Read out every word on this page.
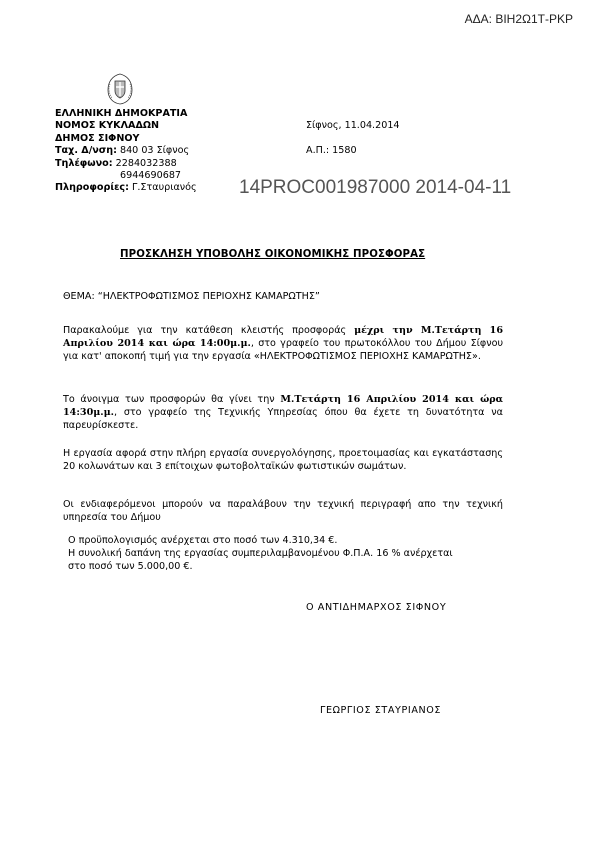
ΑΔΑ: ΒΙΗ2Ω1Τ-ΡΚΡ
ΕΛΛΗΝΙΚΗ ΔΗΜΟΚΡΑΤΙΑ
ΝΟΜΟΣ ΚΥΚΛΑΔΩΝ
ΔΗΜΟΣ ΣΙΦΝΟΥ
Ταχ. Δ/νση: 840 03 Σίφνος
Τηλέφωνο: 2284032388
6944690687
Πληροφορίες: Γ.Σταυριανός
Σίφνος, 11.04.2014
Α.Π.: 1580
14PROC001987000 2014-04-11
ΠΡΟΣΚΛΗΣΗ ΥΠΟΒΟΛΗΣ ΟΙΚΟΝΟΜΙΚΗΣ ΠΡΟΣΦΟΡΑΣ
ΘΕΜΑ: “ΗΛΕΚΤΡΟΦΩΤΙΣΜΟΣ ΠΕΡΙΟΧΗΣ ΚΑΜΑΡΩΤΗΣ”
Παρακαλούμε για την κατάθεση κλειστής προσφοράς μέχρι την Μ.Τετάρτη 16 Απριλίου 2014 και ώρα 14:00μ.μ., στο γραφείο του πρωτοκόλλου του Δήμου Σίφνου για κατ' αποκοπή τιμή για την εργασία «ΗΛΕΚΤΡΟΦΩΤΙΣΜΟΣ ΠΕΡΙΟΧΗΣ ΚΑΜΑΡΩΤΗΣ».
Το άνοιγμα των προσφορών θα γίνει την Μ.Τετάρτη 16 Απριλίου 2014 και ώρα 14:30μ.μ., στο γραφείο της Τεχνικής Υπηρεσίας όπου θα έχετε τη δυνατότητα να παρευρίσκεστε.
Η εργασία αφορά στην πλήρη εργασία συνεργολόγησης, προετοιμασίας και εγκατάστασης 20 κολωνάτων και 3 επίτοιχων φωτοβολταϊκών φωτιστικών σωμάτων.
Οι ενδιαφερόμενοι μπορούν να παραλάβουν την τεχνική περιγραφή απο την τεχνική υπηρεσία του Δήμου
Ο προϋπολογισμός ανέρχεται στο ποσό των 4.310,34 €.
Η συνολική δαπάνη της εργασίας συμπεριλαμβανομένου Φ.Π.Α. 16 % ανέρχεται
στο ποσό των 5.000,00 €.
Ο ΑΝΤΙΔΗΜΑΡΧΟΣ ΣΙΦΝΟΥ
ΓΕΩΡΓΙΟΣ ΣΤΑΥΡΙΑΝΟΣ
